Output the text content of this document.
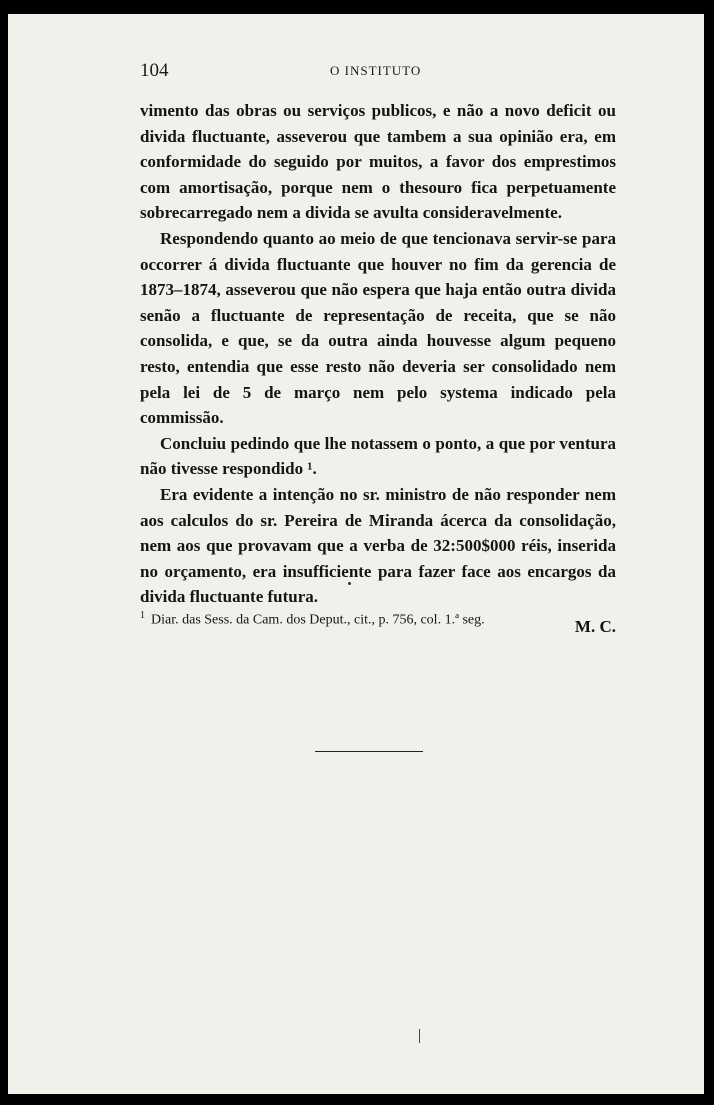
104	O INSTITUTO

vimento das obras ou serviços publicos, e não a novo deficit ou divida fluctuante, asseverou que tambem a sua opinião era, em conformidade do seguido por muitos, a favor dos emprestimos com amortisação, porque nem o thesouro fica perpetuamente sobrecarregado nem a divida se avulta consideravelmente.

Respondendo quanto ao meio de que tencionava servir-se para occorrer á divida fluctuante que houver no fim da gerencia de 1873–1874, asseverou que não espera que haja então outra divida senão a fluctuante de representação de receita, que se não consolida, e que, se da outra ainda houvesse algum pequeno resto, entendia que esse resto não deveria ser consolidado nem pela lei de 5 de março nem pelo systema indicado pela commissão.

Concluiu pedindo que lhe notassem o ponto, a que por ventura não tivesse respondido ¹.

Era evidente a intenção no sr. ministro de não responder nem aos calculos do sr. Pereira de Miranda ácerca da consolidação, nem aos que provavam que a verba de 32:500$000 réis, inserida no orçamento, era insufficiente para fazer face aos encargos da divida fluctuante futura.

M. C.

$^1$ Diar. das Sess. da Cam. dos Deput., cit., p. 756, col. 1.ª seg.
